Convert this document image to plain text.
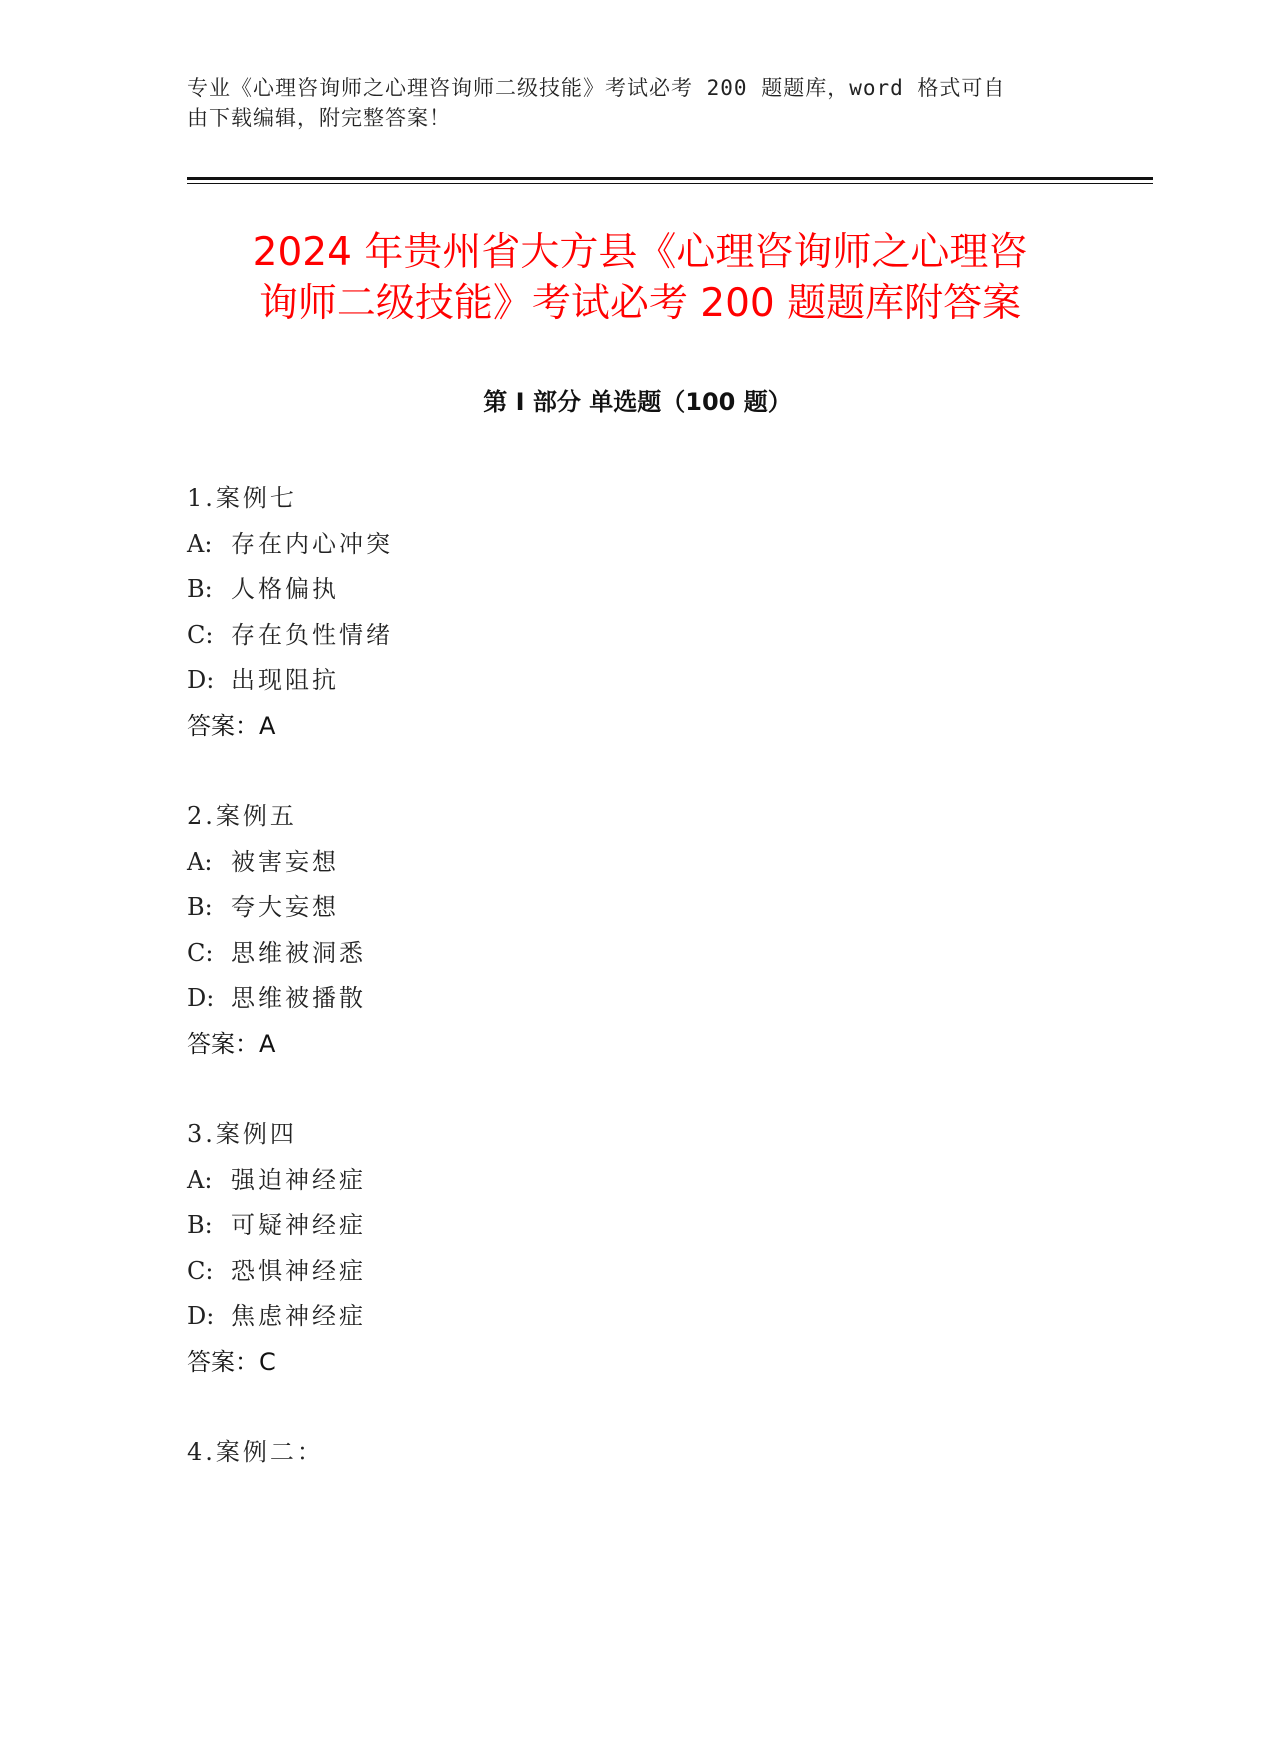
专业《心理咨询师之心理咨询师二级技能》考试必考 200 题题库，word 格式可自
由下载编辑，附完整答案！
2024 年贵州省大方县《心理咨询师之心理咨
询师二级技能》考试必考 200 题题库附答案
第 I 部分 单选题（100 题）
1.案例七
A: 存在内心冲突
B: 人格偏执
C: 存在负性情绪
D: 出现阻抗
答案：A
2.案例五
A: 被害妄想
B: 夸大妄想
C: 思维被洞悉
D: 思维被播散
答案：A
3.案例四
A: 强迫神经症
B: 可疑神经症
C: 恐惧神经症
D: 焦虑神经症
答案：C
4.案例二：
